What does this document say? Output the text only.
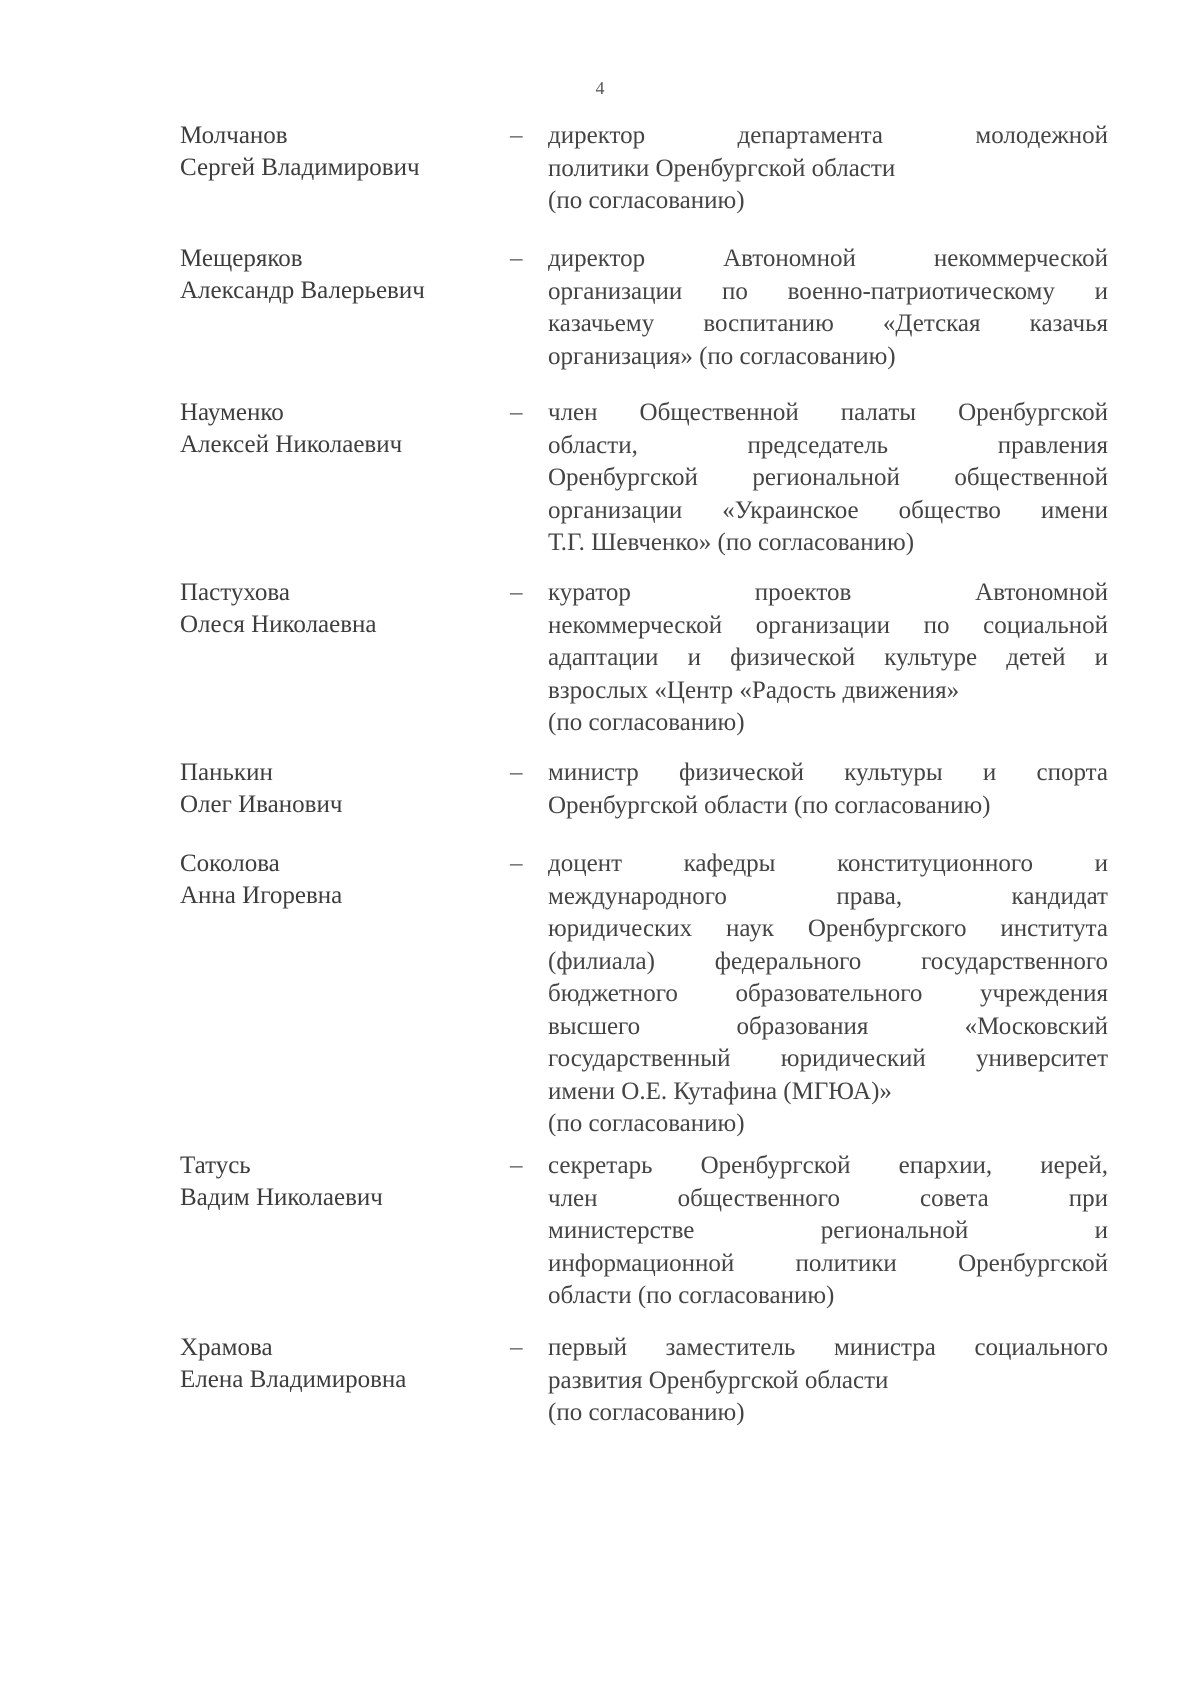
4
Молчанов
Сергей Владимирович
– директор департамента молодежной
политики Оренбургской области
(по согласованию)
Мещеряков
Александр Валерьевич
– директор Автономной некоммерческой
организации по военно-патриотическому и
казачьему воспитанию «Детская казачья
организация» (по согласованию)
Науменко
Алексей Николаевич
– член Общественной палаты Оренбургской
области, председатель правления
Оренбургской региональной общественной
организации «Украинское общество имени
Т.Г. Шевченко» (по согласованию)
Пастухова
Олеся Николаевна
– куратор проектов Автономной
некоммерческой организации по социальной
адаптации и физической культуре детей и
взрослых «Центр «Радость движения»
(по согласованию)
Панькин
Олег Иванович
– министр физической культуры и спорта
Оренбургской области (по согласованию)
Соколова
Анна Игоревна
– доцент кафедры конституционного и
международного права, кандидат
юридических наук Оренбургского института
(филиала) федерального государственного
бюджетного образовательного учреждения
высшего образования «Московский
государственный юридический университет
имени О.Е. Кутафина (МГЮА)»
(по согласованию)
Татусь
Вадим Николаевич
– секретарь Оренбургской епархии, иерей,
член общественного совета при
министерстве региональной и
информационной политики Оренбургской
области (по согласованию)
Храмова
Елена Владимировна
– первый заместитель министра социального
развития Оренбургской области
(по согласованию)
